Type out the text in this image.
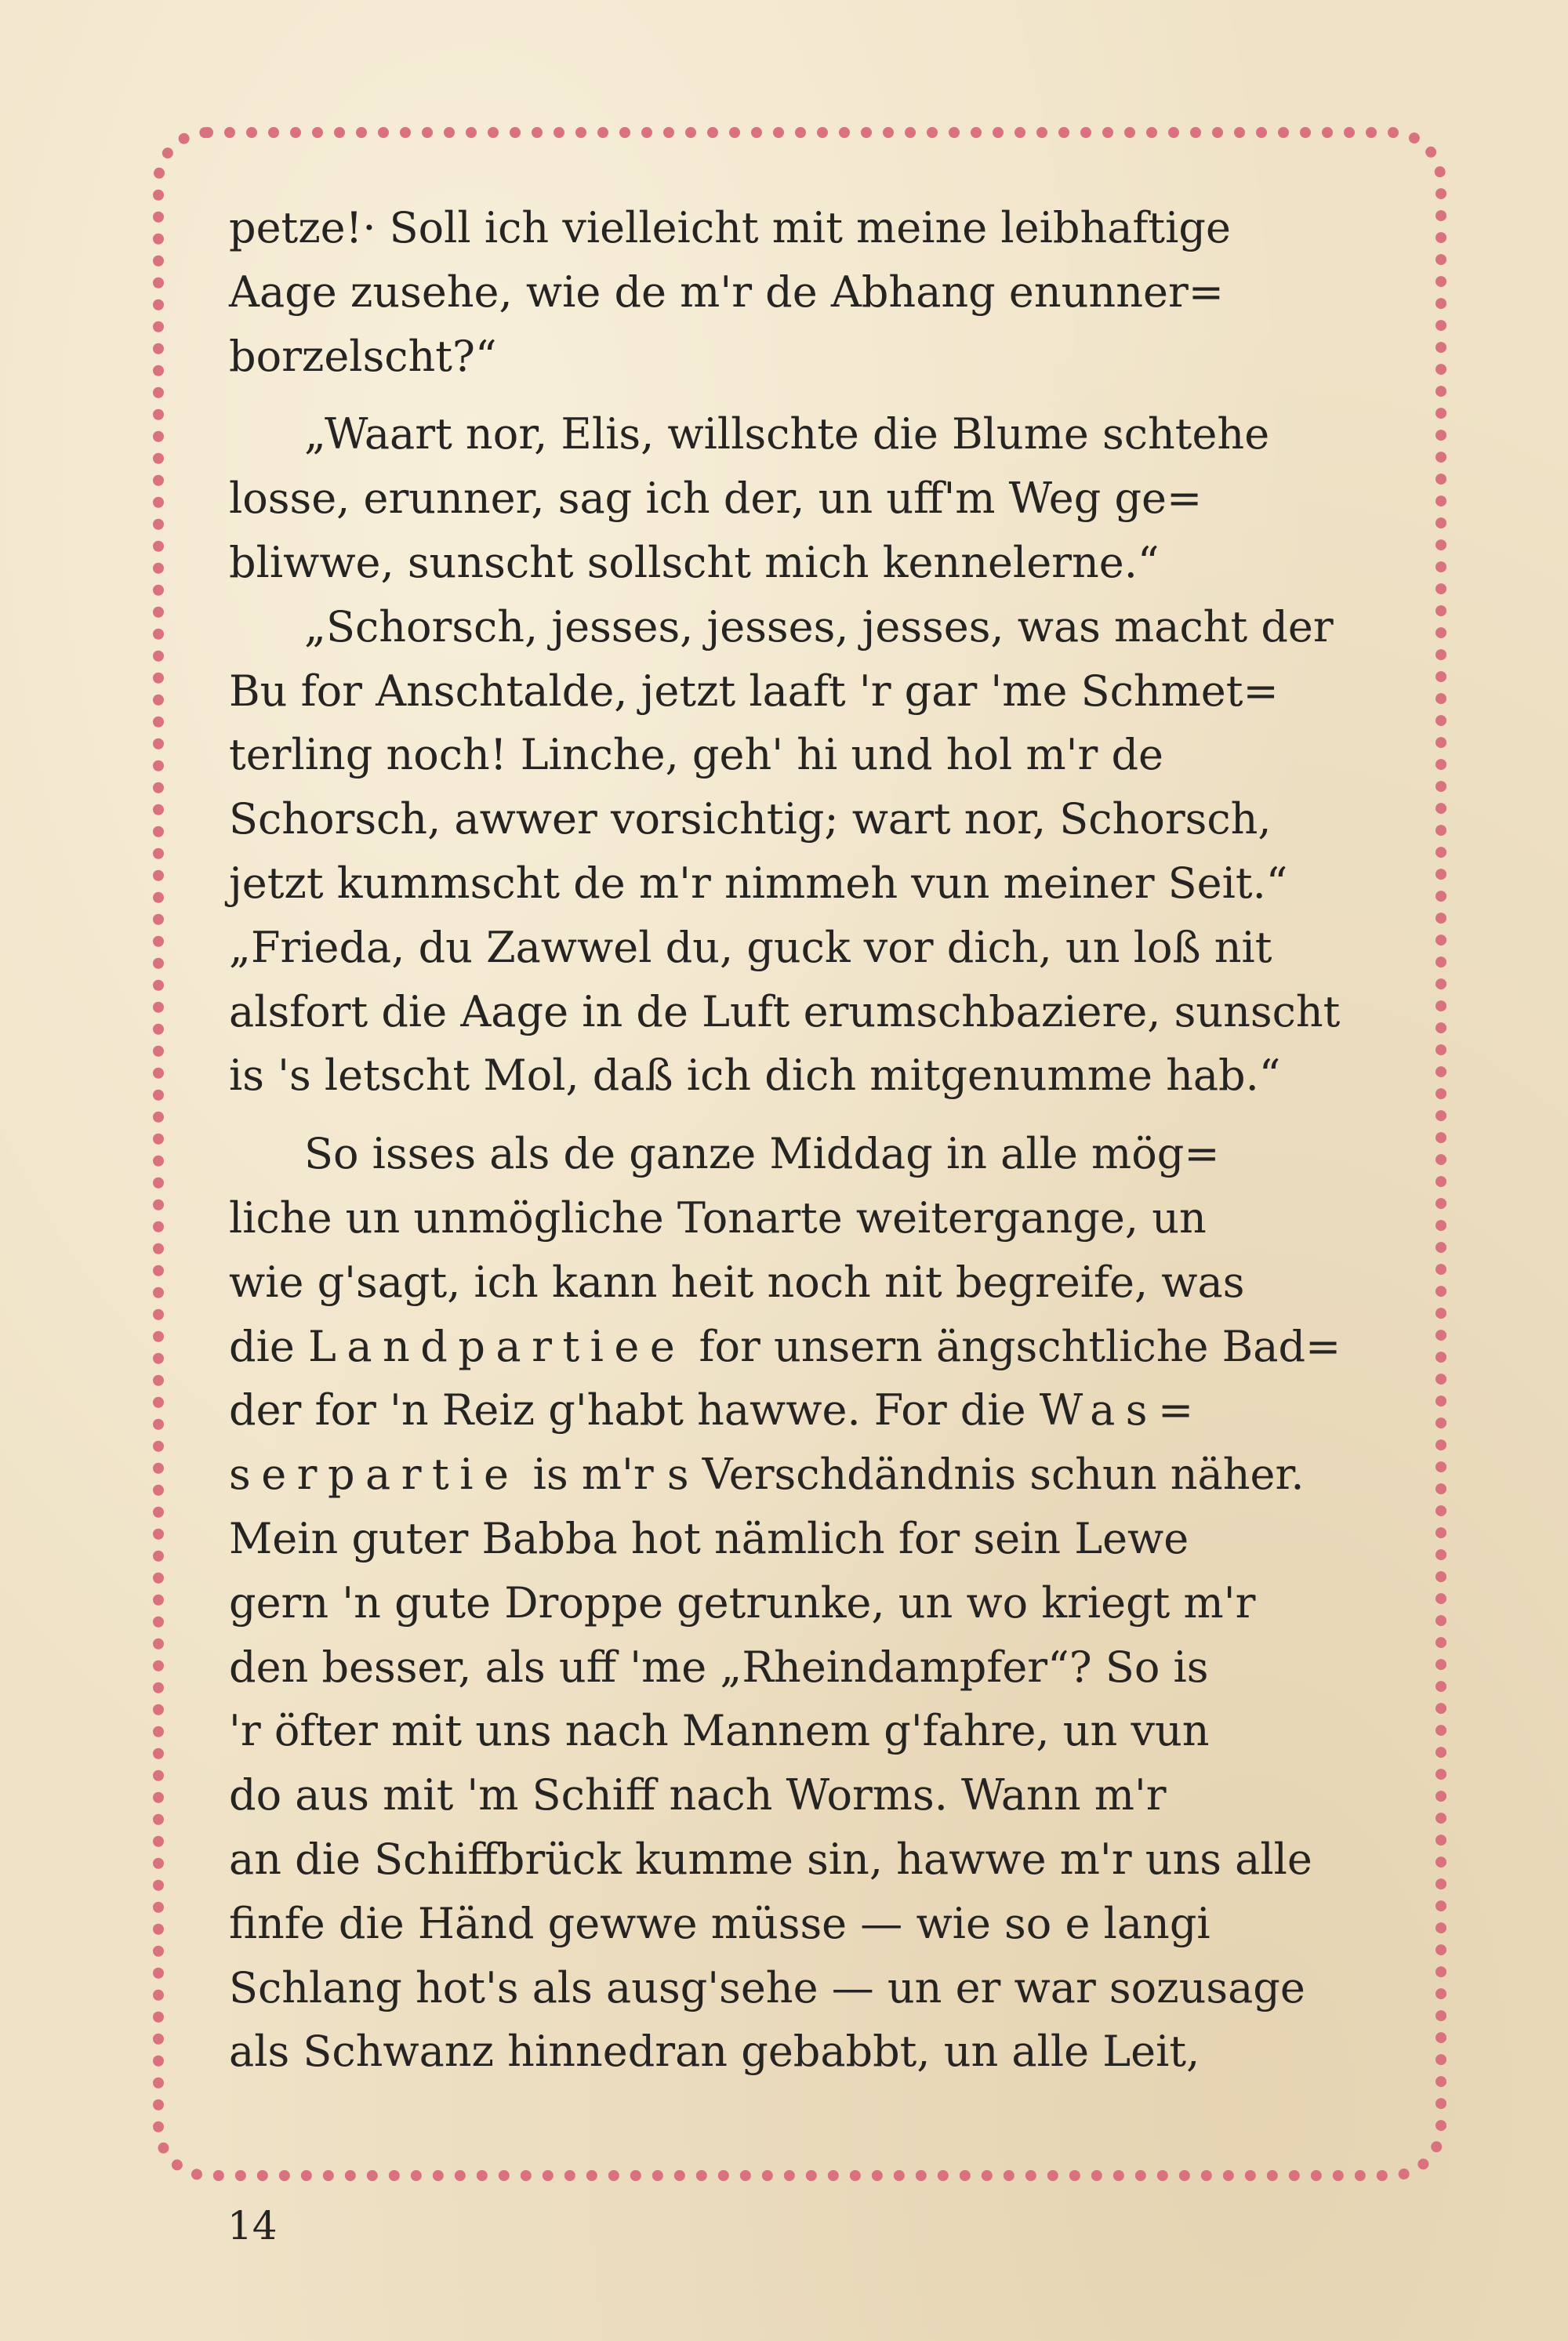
petze!· Soll ich vielleicht mit meine leibhaftige
Aage zusehe, wie de m'r de Abhang enunner=
borzelscht?“

„Waart nor, Elis, willschte die Blume schtehe
losse, erunner, sag ich der, un uff'm Weg ge=
bliwwe, sunscht sollscht mich kennelerne.“

„Schorsch, jesses, jesses, jesses, was macht der
Bu for Anschtalde, jetzt laaft 'r gar 'me Schmet=
terling noch! Linche, geh' hi und hol m'r de
Schorsch, awwer vorsichtig; wart nor, Schorsch,
jetzt kummscht de m'r nimmeh vun meiner Seit.“

„Frieda, du Zawwel du, guck vor dich, un loß nit
alsfort die Aage in de Luft erumschbaziere, sunscht
is 's letscht Mol, daß ich dich mitgenumme hab.“

So isses als de ganze Middag in alle mög=
liche un unmögliche Tonarte weitergange, un
wie g'sagt, ich kann heit noch nit begreife, was
die Landpartiee for unsern ängschtliche Bad=
der for 'n Reiz g'habt hawwe. For die Was=
serpartie is m'r s Verschdändnis schun näher.
Mein guter Babba hot nämlich for sein Lewe
gern 'n gute Droppe getrunke, un wo kriegt m'r
den besser, als uff 'me „Rheindampfer“? So is
'r öfter mit uns nach Mannem g'fahre, un vun
do aus mit 'm Schiff nach Worms. Wann m'r
an die Schiffbrück kumme sin, hawwe m'r uns alle
finfe die Händ gewwe müsse — wie so e langi
Schlang hot's als ausg'sehe — un er war sozusage
als Schwanz hinnedran gebabbt, un alle Leit,

14
